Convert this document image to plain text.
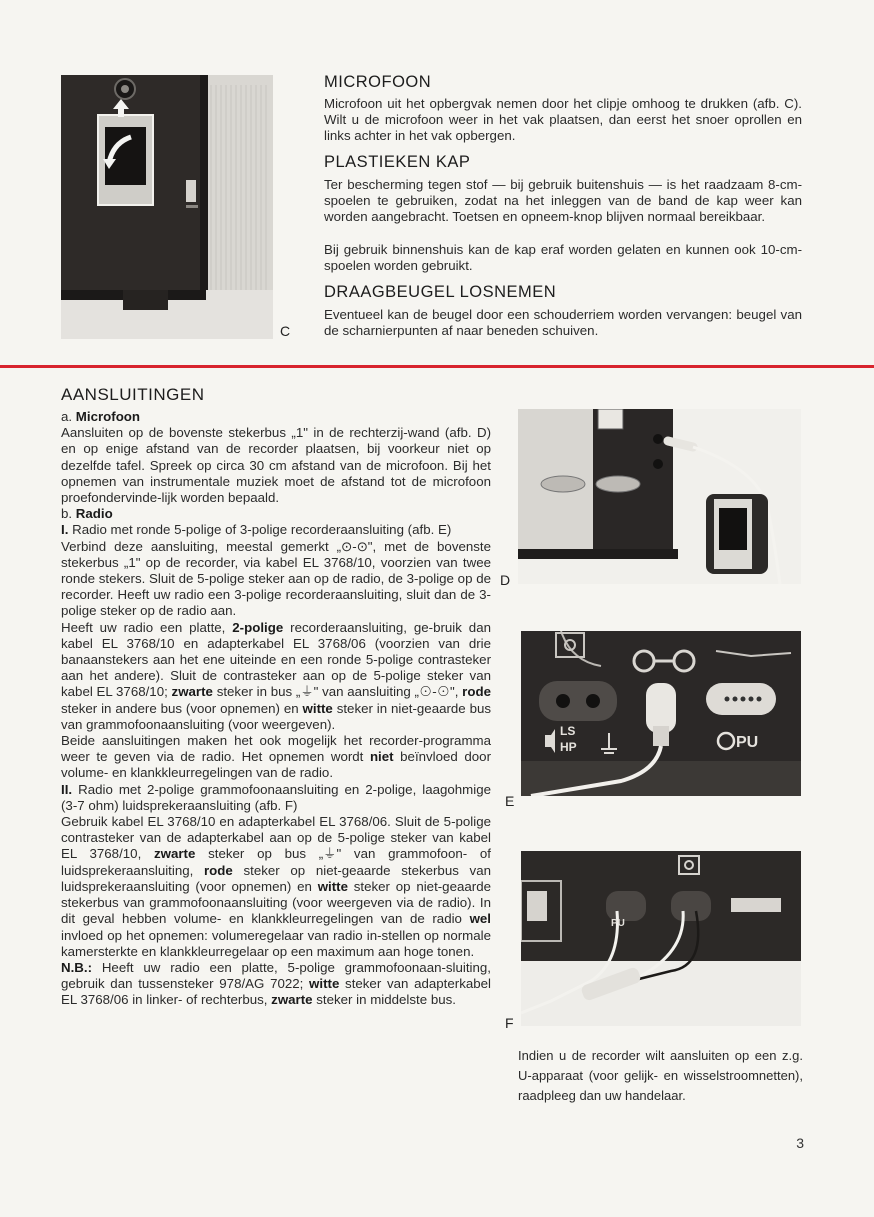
C
MICROFOON

Microfoon uit het opbergvak nemen door het clipje omhoog te drukken (afb. C). Wilt u de microfoon weer in het vak plaatsen, dan eerst het snoer oprollen en links achter in het vak opbergen.

PLASTIEKEN KAP

Ter bescherming tegen stof — bij gebruik buitenshuis — is het raadzaam 8-cm-spoelen te gebruiken, zodat na het inleggen van de band de kap weer kan worden aangebracht. Toetsen en opneem-knop blijven normaal bereikbaar.

Bij gebruik binnenshuis kan de kap eraf worden gelaten en kunnen ook 10-cm-spoelen worden gebruikt.

DRAAGBEUGEL LOSNEMEN

Eventueel kan de beugel door een schouderriem worden vervangen: beugel van de scharnierpunten af naar beneden schuiven.

AANSLUITINGEN
a. Microfoon
Aansluiten op de bovenste stekerbus „1" in de rechterzij-wand (afb. D) en op enige afstand van de recorder plaatsen, bij voorkeur niet op dezelfde tafel. Spreek op circa 30 cm afstand van de microfoon. Bij het opnemen van instrumentale muziek moet de afstand tot de microfoon proefondervinde-lijk worden bepaald.
b. Radio
I. Radio met ronde 5-polige of 3-polige recorderaansluiting (afb. E)
Verbind deze aansluiting, meestal gemerkt „⊙-⊙", met de bovenste stekerbus „1" op de recorder, via kabel EL 3768/10, voorzien van twee ronde stekers. Sluit de 5-polige steker aan op de radio, de 3-polige op de recorder. Heeft uw radio een 3-polige recorderaansluiting, sluit dan de 3-polige steker op de radio aan.
Heeft uw radio een platte, 2-polige recorderaansluiting, ge-bruik dan kabel EL 3768/10 en adapterkabel EL 3768/06 (voorzien van drie banaanstekers aan het ene uiteinde en een ronde 5-polige contrasteker aan het andere). Sluit de contrasteker aan op de 5-polige steker van kabel EL 3768/10; zwarte steker in bus „⏚" van aansluiting „⊙-⊙", rode steker in andere bus (voor opnemen) en witte steker in niet-geaarde bus van grammofoonaansluiting (voor weergeven).
Beide aansluitingen maken het ook mogelijk het recorder-programma weer te geven via de radio. Het opnemen wordt niet beïnvloed door volume- en klankkleurregelingen van de radio.
II. Radio met 2-polige grammofoonaansluiting en 2-polige, laagohmige (3-7 ohm) luidsprekeraansluiting (afb. F)
Gebruik kabel EL 3768/10 en adapterkabel EL 3768/06. Sluit de 5-polige contrasteker van de adapterkabel aan op de 5-polige steker van kabel EL 3768/10, zwarte steker op bus „⏚" van grammofoon- of luidsprekeraansluiting, rode steker op niet-geaarde stekerbus van luidsprekeraansluiting (voor opnemen) en witte steker op niet-geaarde stekerbus van grammofoonaansluiting (voor weergeven via de radio). In dit geval hebben volume- en klankkleurregelingen van de radio wel invloed op het opnemen: volumeregelaar van radio in-stellen op normale kamersterkte en klankkleurregelaar op een maximum aan hoge tonen.
N.B.: Heeft uw radio een platte, 5-polige grammofoonaan-sluiting, gebruik dan tussensteker 978/AG 7022; witte steker van adapterkabel EL 3768/06 in linker- of rechterbus, zwarte steker in middelste bus.
D
LS
HP	PU
E
PU
F

Indien u de recorder wilt aansluiten op een z.g. U-apparaat (voor gelijk- en wisselstroomnetten), raadpleeg dan uw handelaar.

3
